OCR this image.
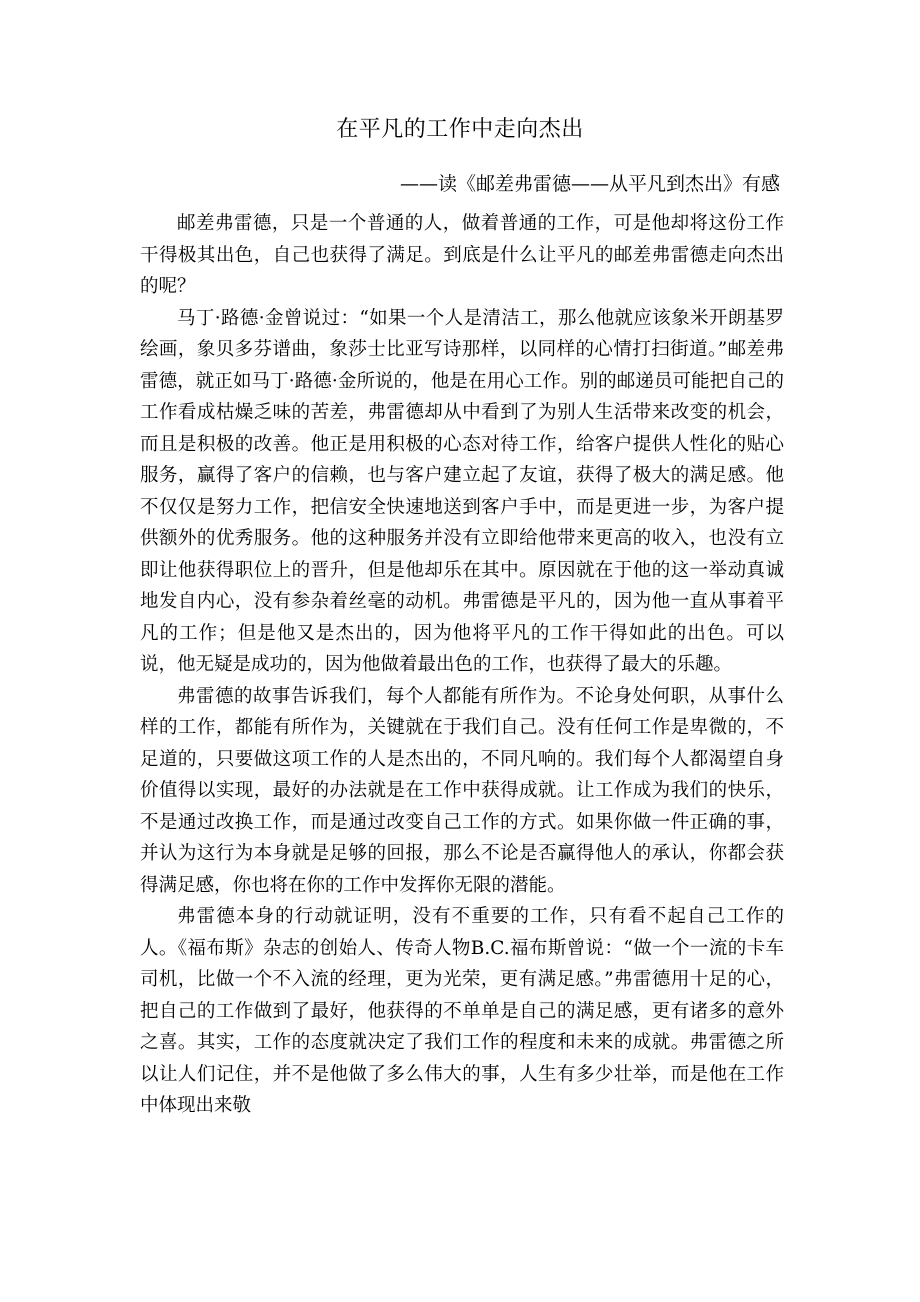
在平凡的工作中走向杰出
——读《邮差弗雷德——从平凡到杰出》有感

邮差弗雷德，只是一个普通的人，做着普通的工作，可是他却将这份工作干得极其出色，自己也获得了满足。到底是什么让平凡的邮差弗雷德走向杰出的呢？

马丁·路德·金曾说过：“如果一个人是清洁工，那么他就应该象米开朗基罗绘画，象贝多芬谱曲，象莎士比亚写诗那样，以同样的心情打扫街道。”邮差弗雷德，就正如马丁·路德·金所说的，他是在用心工作。别的邮递员可能把自己的工作看成枯燥乏味的苦差，弗雷德却从中看到了为别人生活带来改变的机会，而且是积极的改善。他正是用积极的心态对待工作，给客户提供人性化的贴心服务，赢得了客户的信赖，也与客户建立起了友谊，获得了极大的满足感。他不仅仅是努力工作，把信安全快速地送到客户手中，而是更进一步，为客户提供额外的优秀服务。他的这种服务并没有立即给他带来更高的收入，也没有立即让他获得职位上的晋升，但是他却乐在其中。原因就在于他的这一举动真诚地发自内心，没有参杂着丝毫的动机。弗雷德是平凡的，因为他一直从事着平凡的工作；但是他又是杰出的，因为他将平凡的工作干得如此的出色。可以说，他无疑是成功的，因为他做着最出色的工作，也获得了最大的乐趣。

弗雷德的故事告诉我们，每个人都能有所作为。不论身处何职，从事什么样的工作，都能有所作为，关键就在于我们自己。没有任何工作是卑微的，不足道的，只要做这项工作的人是杰出的，不同凡响的。我们每个人都渴望自身价值得以实现，最好的办法就是在工作中获得成就。让工作成为我们的快乐，不是通过改换工作，而是通过改变自己工作的方式。如果你做一件正确的事，并认为这行为本身就是足够的回报，那么不论是否赢得他人的承认，你都会获得满足感，你也将在你的工作中发挥你无限的潜能。

弗雷德本身的行动就证明，没有不重要的工作，只有看不起自己工作的人。《福布斯》杂志的创始人、传奇人物B.C.福布斯曾说：“做一个一流的卡车司机，比做一个不入流的经理，更为光荣，更有满足感。”弗雷德用十足的心，把自己的工作做到了最好，他获得的不单单是自己的满足感，更有诸多的意外之喜。其实，工作的态度就决定了我们工作的程度和未来的成就。弗雷德之所以让人们记住，并不是他做了多么伟大的事，人生有多少壮举，而是他在工作中体现出来敬
